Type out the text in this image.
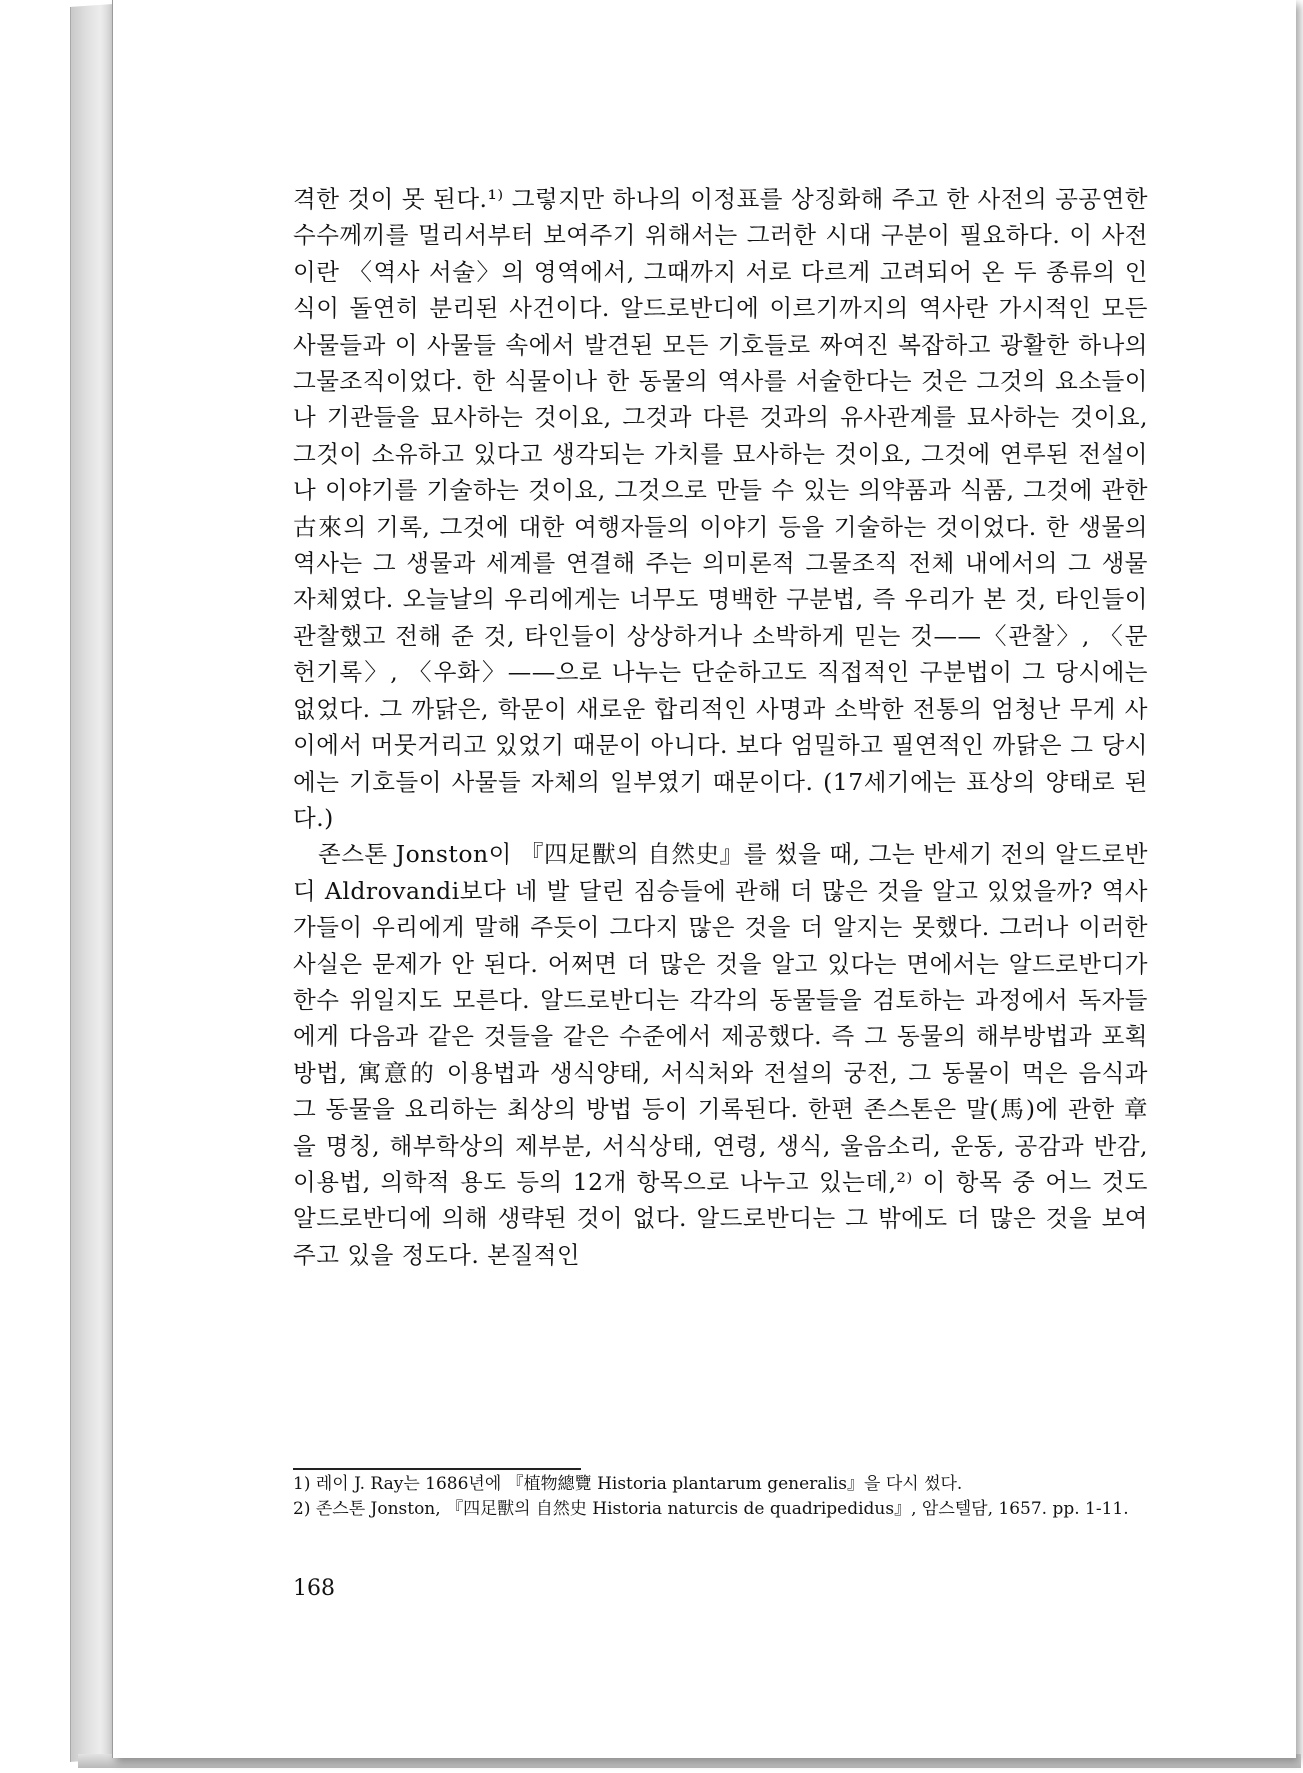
격한 것이 못 된다.¹⁾ 그렇지만 하나의 이정표를 상징화해 주고 한 사전의 공공연한 수수께끼를 멀리서부터 보여주기 위해서는 그러한 시대 구분이 필요하다. 이 사전이란 〈역사 서술〉의 영역에서, 그때까지 서로 다르게 고려되어 온 두 종류의 인식이 돌연히 분리된 사건이다. 알드로반디에 이르기까지의 역사란 가시적인 모든 사물들과 이 사물들 속에서 발견된 모든 기호들로 짜여진 복잡하고 광활한 하나의 그물조직이었다. 한 식물이나 한 동물의 역사를 서술한다는 것은 그것의 요소들이나 기관들을 묘사하는 것이요, 그것과 다른 것과의 유사관계를 묘사하는 것이요, 그것이 소유하고 있다고 생각되는 가치를 묘사하는 것이요, 그것에 연루된 전설이나 이야기를 기술하는 것이요, 그것으로 만들 수 있는 의약품과 식품, 그것에 관한 古來의 기록, 그것에 대한 여행자들의 이야기 등을 기술하는 것이었다. 한 생물의 역사는 그 생물과 세계를 연결해 주는 의미론적 그물조직 전체 내에서의 그 생물 자체였다. 오늘날의 우리에게는 너무도 명백한 구분법, 즉 우리가 본 것, 타인들이 관찰했고 전해 준 것, 타인들이 상상하거나 소박하게 믿는 것——〈관찰〉, 〈문헌기록〉, 〈우화〉——으로 나누는 단순하고도 직접적인 구분법이 그 당시에는 없었다. 그 까닭은, 학문이 새로운 합리적인 사명과 소박한 전통의 엄청난 무게 사이에서 머뭇거리고 있었기 때문이 아니다. 보다 엄밀하고 필연적인 까닭은 그 당시에는 기호들이 사물들 자체의 일부였기 때문이다. (17세기에는 표상의 양태로 된다.)

존스톤 Jonston이 『四足獸의 自然史』를 썼을 때, 그는 반세기 전의 알드로반디 Aldrovandi보다 네 발 달린 짐승들에 관해 더 많은 것을 알고 있었을까? 역사가들이 우리에게 말해 주듯이 그다지 많은 것을 더 알지는 못했다. 그러나 이러한 사실은 문제가 안 된다. 어쩌면 더 많은 것을 알고 있다는 면에서는 알드로반디가 한수 위일지도 모른다. 알드로반디는 각각의 동물들을 검토하는 과정에서 독자들에게 다음과 같은 것들을 같은 수준에서 제공했다. 즉 그 동물의 해부방법과 포획방법, 寓意的 이용법과 생식양태, 서식처와 전설의 궁전, 그 동물이 먹은 음식과 그 동물을 요리하는 최상의 방법 등이 기록된다. 한편 존스톤은 말(馬)에 관한 章을 명칭, 해부학상의 제부분, 서식상태, 연령, 생식, 울음소리, 운동, 공감과 반감, 이용법, 의학적 용도 등의 12개 항목으로 나누고 있는데,²⁾ 이 항목 중 어느 것도 알드로반디에 의해 생략된 것이 없다. 알드로반디는 그 밖에도 더 많은 것을 보여주고 있을 정도다. 본질적인

1) 레이 J. Ray는 1686년에 『植物總覽 Historia plantarum generalis』을 다시 썼다.
2) 존스톤 Jonston, 『四足獸의 自然史 Historia naturcis de quadripedidus』, 암스텔담, 1657. pp. 1-11.
168
